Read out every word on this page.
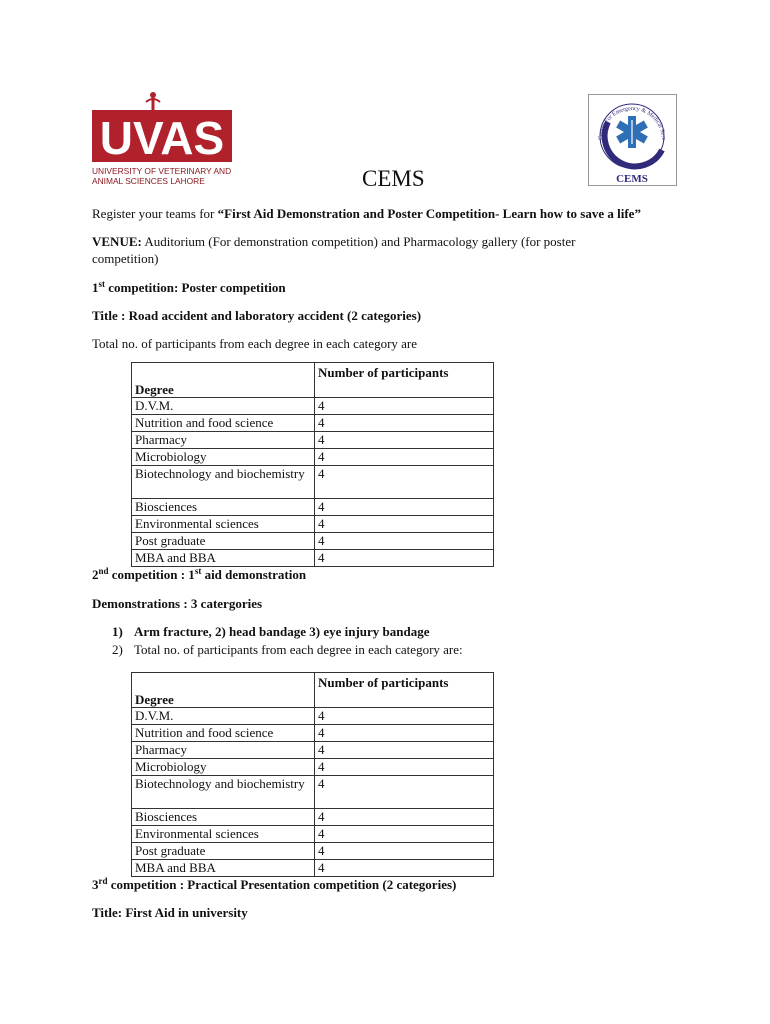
UVAS
UNIVERSITY OF VETERINARY AND
ANIMAL SCIENCES LAHORE
Center For Emergency & Medical Serv
CEMS
CEMS
Register your teams for “First Aid Demonstration and Poster Competition- Learn how to save a life”
VENUE: Auditorium (For demonstration competition) and Pharmacology gallery (for poster
competition)
1st competition: Poster competition
Title : Road accident and laboratory accident (2 categories)
Total no. of participants from each degree in each category are
Degree	Number of participants
D.V.M.	4
Nutrition and food science	4
Pharmacy	4
Microbiology	4
Biotechnology and biochemistry	4
Biosciences	4
Environmental sciences	4
Post graduate	4
MBA and BBA	4
2nd competition : 1st aid demonstration
Demonstrations : 3 catergories
1) Arm fracture, 2) head bandage 3) eye injury bandage
2) Total no. of participants from each degree in each category are:
Degree	Number of participants
D.V.M.	4
Nutrition and food science	4
Pharmacy	4
Microbiology	4
Biotechnology and biochemistry	4
Biosciences	4
Environmental sciences	4
Post graduate	4
MBA and BBA	4
3rd competition : Practical Presentation competition (2 categories)
Title: First Aid in university
